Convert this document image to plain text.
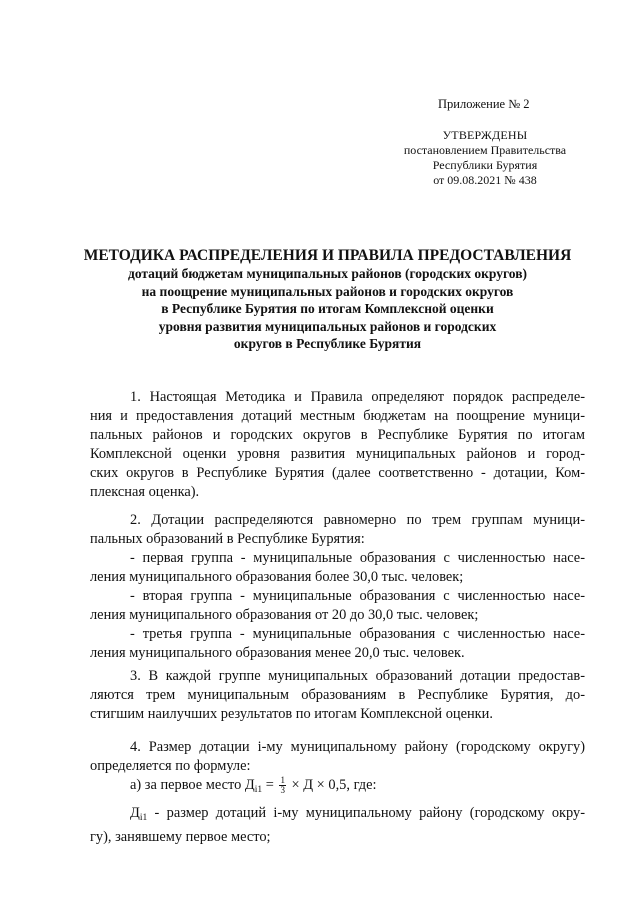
Приложение № 2
УТВЕРЖДЕНЫ
постановлением Правительства
Республики Бурятия
от 09.08.2021 № 438
МЕТОДИКА РАСПРЕДЕЛЕНИЯ И ПРАВИЛА ПРЕДОСТАВЛЕНИЯ
дотаций бюджетам муниципальных районов (городских округов)
на поощрение муниципальных районов и городских округов
в Республике Бурятия по итогам Комплексной оценки
уровня развития муниципальных районов и городских
округов в Республике Бурятия

1. Настоящая Методика и Правила определяют порядок распределе-
ния и предоставления дотаций местным бюджетам на поощрение муници-
пальных районов и городских округов в Республике Бурятия по итогам
Комплексной оценки уровня развития муниципальных районов и город-
ских округов в Республике Бурятия (далее соответственно - дотации, Ком-
плексная оценка).

2. Дотации распределяются равномерно по трем группам муници-
пальных образований в Республике Бурятия:
- первая группа - муниципальные образования с численностью насе-
ления муниципального образования более 30,0 тыс. человек;
- вторая группа - муниципальные образования с численностью насе-
ления муниципального образования от 20 до 30,0 тыс. человек;
- третья группа - муниципальные образования с численностью насе-
ления муниципального образования менее 20,0 тыс. человек.

3. В каждой группе муниципальных образований дотации предостав-
ляются трем муниципальным образованиям в Республике Бурятия, до-
стигшим наилучших результатов по итогам Комплексной оценки.

4. Размер дотации i-му муниципальному району (городскому округу)
определяется по формуле:

а) за первое место $Д_{i1} = \frac{1}{3} \times Д \times 0,5$, где:

$Д_{i1}$ - размер дотаций i-му муниципальному району (городскому окру-
гу), занявшему первое место;
